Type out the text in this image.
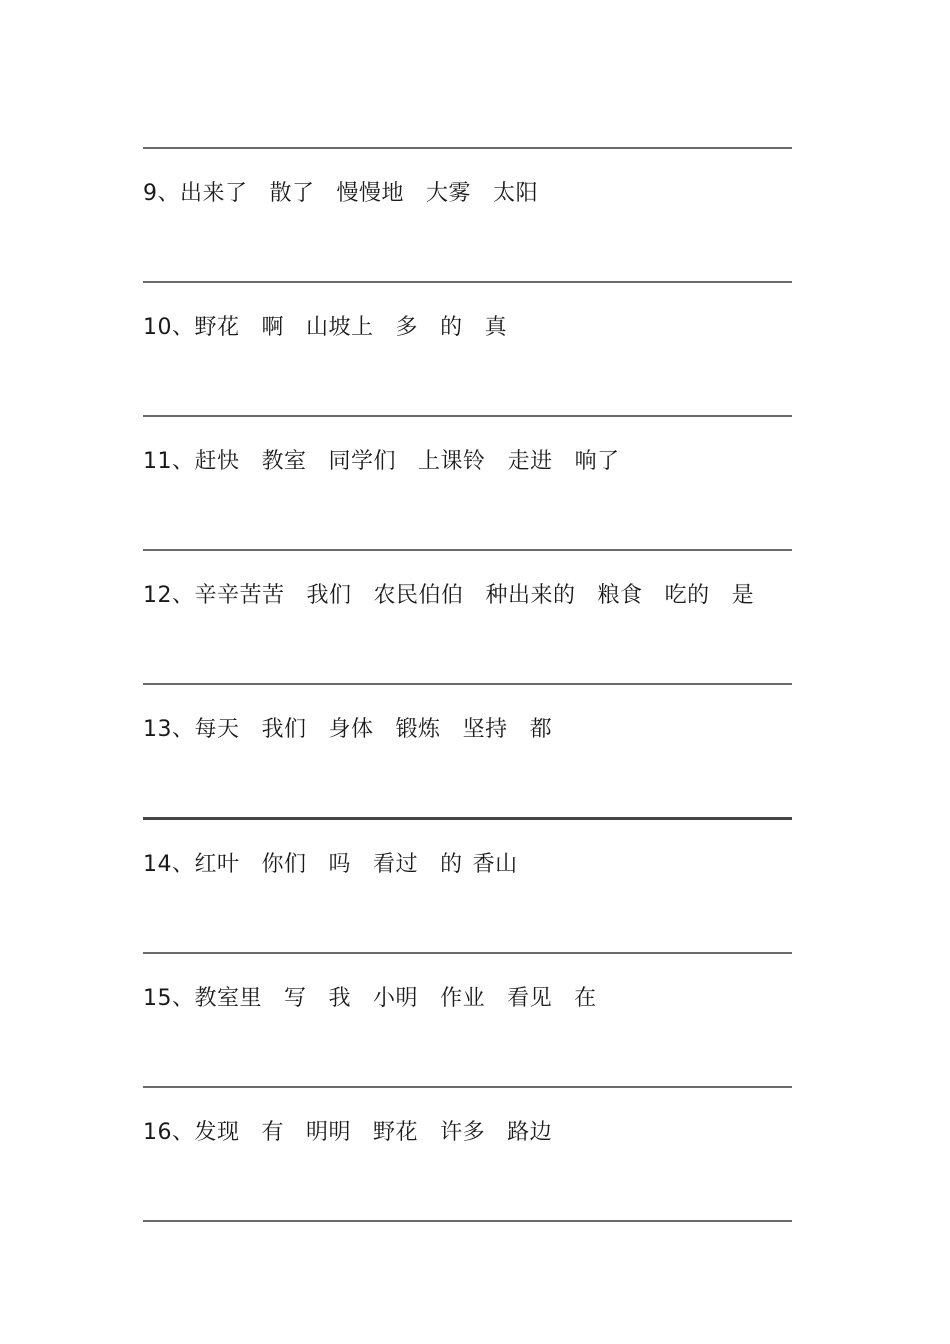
9、出来了 散了 慢慢地 大雾 太阳
10、野花 啊 山坡上 多 的 真
11、赶快 教室 同学们 上课铃 走进 响了
12、辛辛苦苦 我们 农民伯伯 种出来的 粮食 吃的 是
13、每天 我们 身体 锻炼 坚持 都
14、红叶 你们 吗 看过 的 香山
15、教室里 写 我 小明 作业 看见 在
16、发现 有 明明 野花 许多 路边
